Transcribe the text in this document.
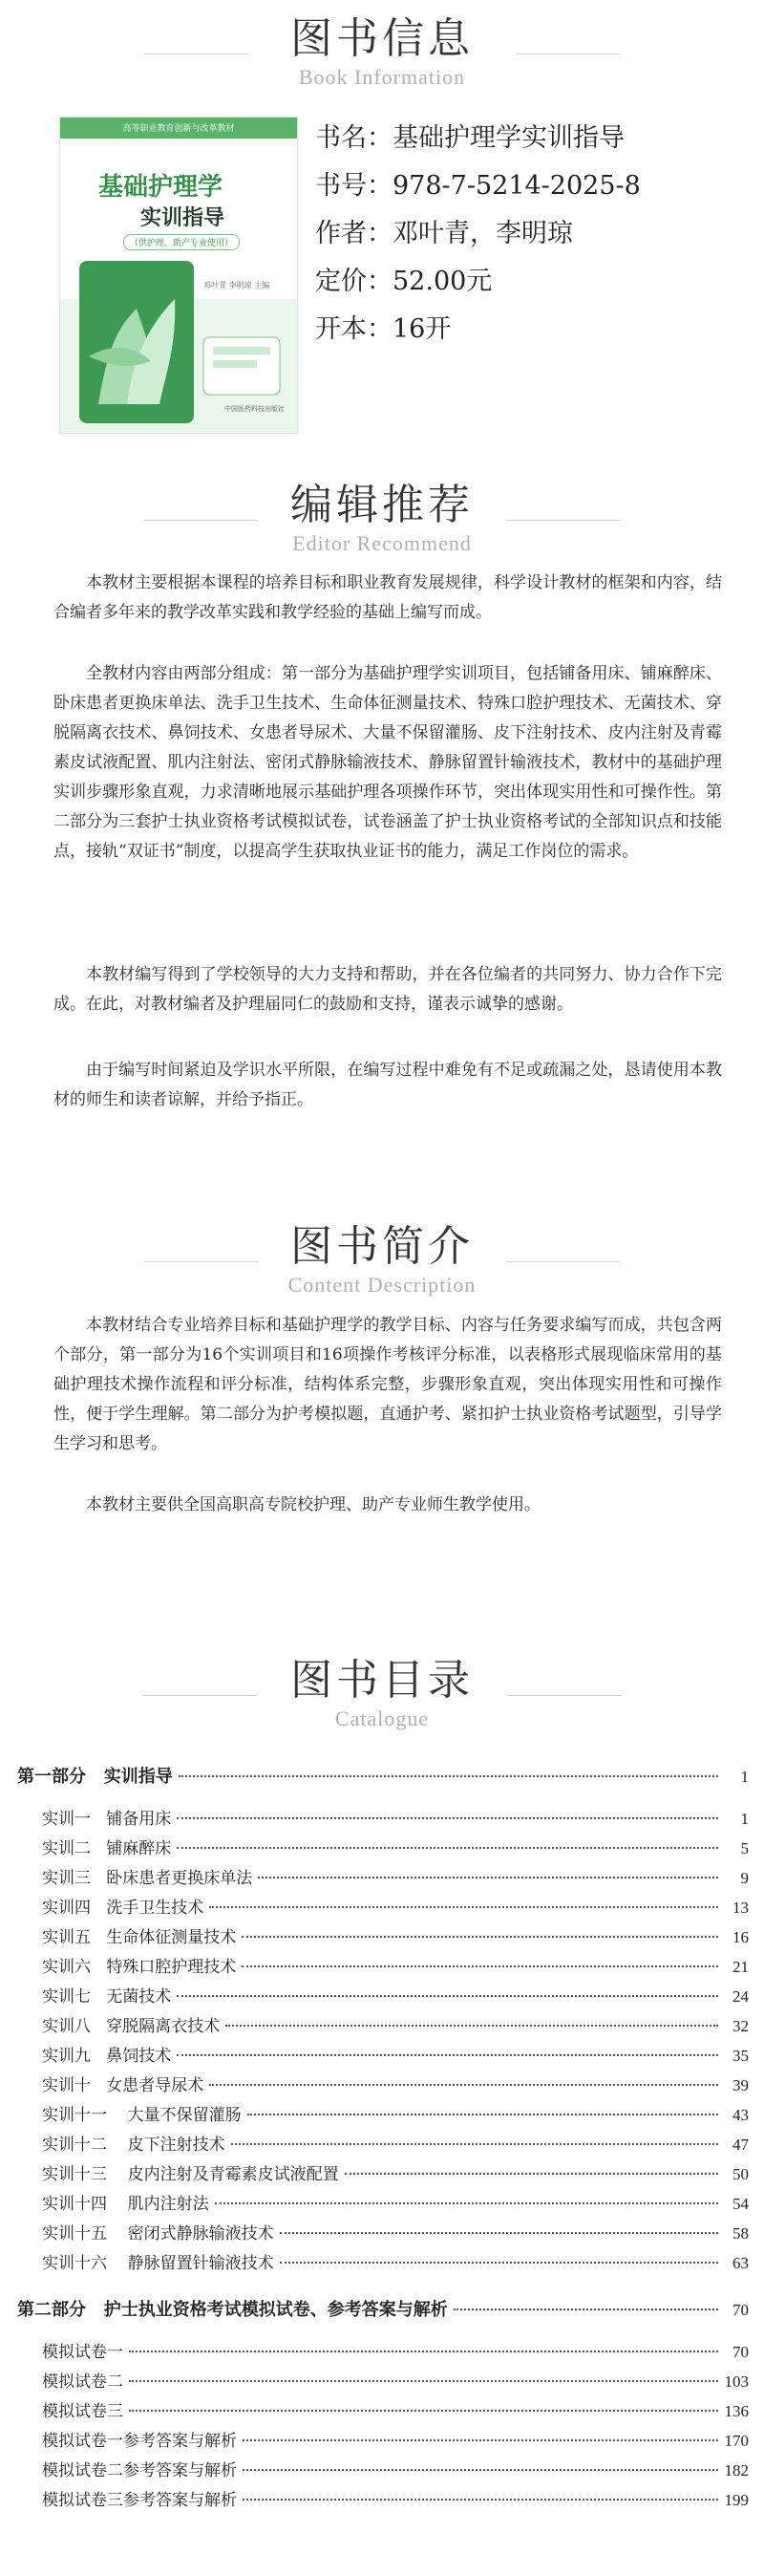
图书信息
Book Information
高等职业教育创新与改革教材
基础护理学
实训指导
（供护理、助产专业使用）
邓叶青 李明琼 主编
中国医药科技出版社
书名：基础护理学实训指导
书号：978-7-5214-2025-8
作者：邓叶青，李明琼
定价：52.00元
开本：16开
编辑推荐
Editor Recommend

本教材主要根据本课程的培养目标和职业教育发展规律，科学设计教材的框架和内容，结合编者多年来的教学改革实践和教学经验的基础上编写而成。

全教材内容由两部分组成：第一部分为基础护理学实训项目，包括铺备用床、铺麻醉床、卧床患者更换床单法、洗手卫生技术、生命体征测量技术、特殊口腔护理技术、无菌技术、穿脱隔离衣技术、鼻饲技术、女患者导尿术、大量不保留灌肠、皮下注射技术、皮内注射及青霉素皮试液配置、肌内注射法、密闭式静脉输液技术、静脉留置针输液技术，教材中的基础护理实训步骤形象直观，力求清晰地展示基础护理各项操作环节，突出体现实用性和可操作性。第二部分为三套护士执业资格考试模拟试卷，试卷涵盖了护士执业资格考试的全部知识点和技能点，接轨“双证书”制度，以提高学生获取执业证书的能力，满足工作岗位的需求。

本教材编写得到了学校领导的大力支持和帮助，并在各位编者的共同努力、协力合作下完成。在此，对教材编者及护理届同仁的鼓励和支持，谨表示诚挚的感谢。

由于编写时间紧迫及学识水平所限，在编写过程中难免有不足或疏漏之处，恳请使用本教材的师生和读者谅解，并给予指正。

图书简介
Content Description

本教材结合专业培养目标和基础护理学的教学目标、内容与任务要求编写而成，共包含两个部分，第一部分为16个实训项目和16项操作考核评分标准，以表格形式展现临床常用的基础护理技术操作流程和评分标准，结构体系完整，步骤形象直观，突出体现实用性和可操作性，便于学生理解。第二部分为护考模拟题，直通护考、紧扣护士执业资格考试题型，引导学生学习和思考。

本教材主要供全国高职高专院校护理、助产专业师生教学使用。

图书目录
Catalogue
第一部分   实训指导	1
实训一   铺备用床	1
实训二   铺麻醉床	5
实训三   卧床患者更换床单法	9
实训四   洗手卫生技术	13
实训五   生命体征测量技术	16
实训六   特殊口腔护理技术	21
实训七   无菌技术	24
实训八   穿脱隔离衣技术	32
实训九   鼻饲技术	35
实训十   女患者导尿术	39
实训十一    大量不保留灌肠	43
实训十二    皮下注射技术	47
实训十三    皮内注射及青霉素皮试液配置	50
实训十四    肌内注射法	54
实训十五    密闭式静脉输液技术	58
实训十六    静脉留置针输液技术	63
第二部分   护士执业资格考试模拟试卷、参考答案与解析	70
模拟试卷一	70
模拟试卷二	103
模拟试卷三	136
模拟试卷一参考答案与解析	170
模拟试卷二参考答案与解析	182
模拟试卷三参考答案与解析	199
